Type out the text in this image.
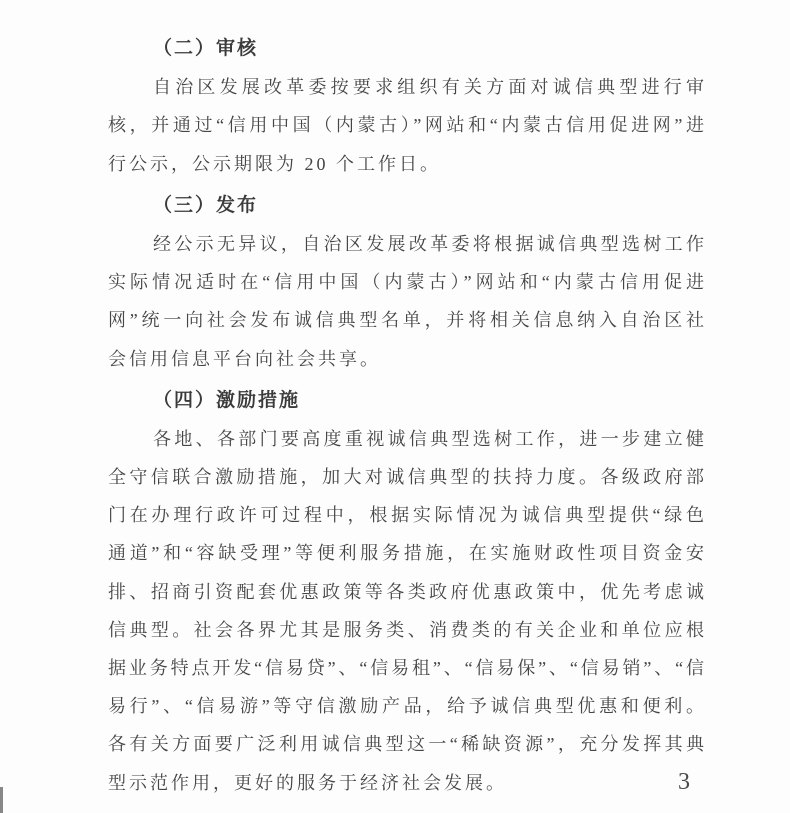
（二）审核
自治区发展改革委按要求组织有关方面对诚信典型进行审
核，并通过“信用中国（内蒙古）”网站和“内蒙古信用促进网”进
行公示，公示期限为 20 个工作日。
（三）发布
经公示无异议，自治区发展改革委将根据诚信典型选树工作
实际情况适时在“信用中国（内蒙古）”网站和“内蒙古信用促进
网”统一向社会发布诚信典型名单，并将相关信息纳入自治区社
会信用信息平台向社会共享。
（四）激励措施
各地、各部门要高度重视诚信典型选树工作，进一步建立健
全守信联合激励措施，加大对诚信典型的扶持力度。各级政府部
门在办理行政许可过程中，根据实际情况为诚信典型提供“绿色
通道”和“容缺受理”等便利服务措施，在实施财政性项目资金安
排、招商引资配套优惠政策等各类政府优惠政策中，优先考虑诚
信典型。社会各界尤其是服务类、消费类的有关企业和单位应根
据业务特点开发“信易贷”、“信易租”、“信易保”、“信易销”、“信
易行”、“信易游”等守信激励产品，给予诚信典型优惠和便利。
各有关方面要广泛利用诚信典型这一“稀缺资源”，充分发挥其典
型示范作用，更好的服务于经济社会发展。	3
